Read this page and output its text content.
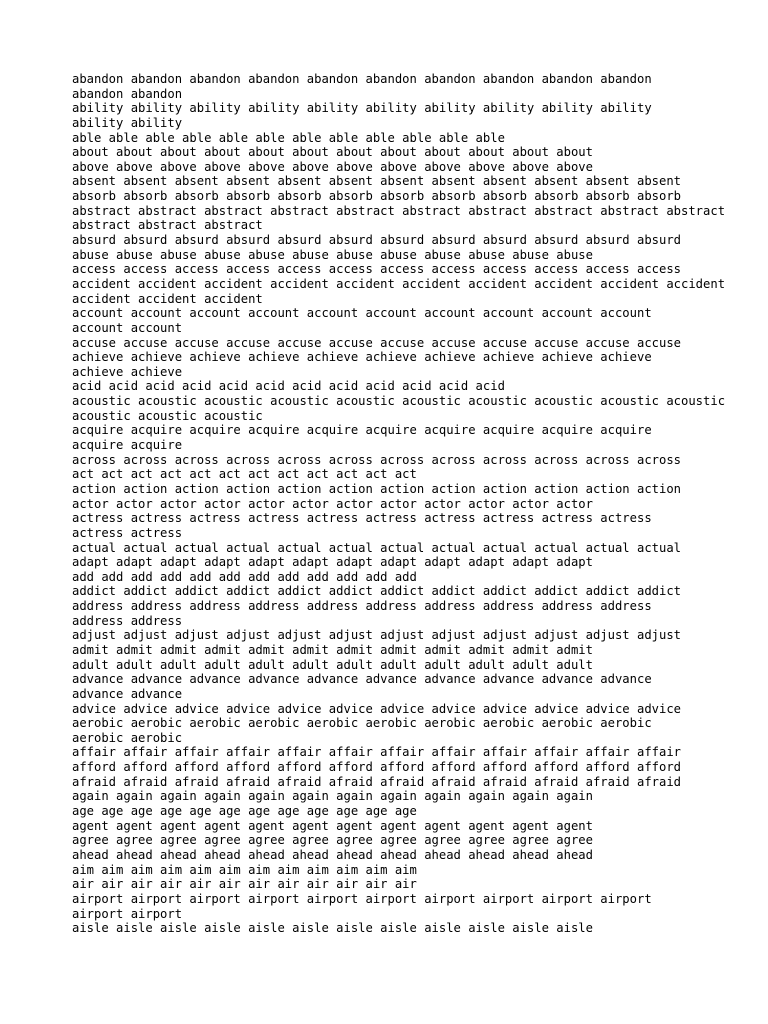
abandon abandon abandon abandon abandon abandon abandon abandon abandon abandon
abandon abandon
ability ability ability ability ability ability ability ability ability ability
ability ability
able able able able able able able able able able able able
about about about about about about about about about about about about
above above above above above above above above above above above above
absent absent absent absent absent absent absent absent absent absent absent absent
absorb absorb absorb absorb absorb absorb absorb absorb absorb absorb absorb absorb
abstract abstract abstract abstract abstract abstract abstract abstract abstract abstract
abstract abstract abstract
absurd absurd absurd absurd absurd absurd absurd absurd absurd absurd absurd absurd
abuse abuse abuse abuse abuse abuse abuse abuse abuse abuse abuse abuse
access access access access access access access access access access access access
accident accident accident accident accident accident accident accident accident accident
accident accident accident
account account account account account account account account account account
account account
accuse accuse accuse accuse accuse accuse accuse accuse accuse accuse accuse accuse
achieve achieve achieve achieve achieve achieve achieve achieve achieve achieve
achieve achieve
acid acid acid acid acid acid acid acid acid acid acid acid
acoustic acoustic acoustic acoustic acoustic acoustic acoustic acoustic acoustic acoustic
acoustic acoustic acoustic
acquire acquire acquire acquire acquire acquire acquire acquire acquire acquire
acquire acquire
across across across across across across across across across across across across
act act act act act act act act act act act act
action action action action action action action action action action action action
actor actor actor actor actor actor actor actor actor actor actor actor
actress actress actress actress actress actress actress actress actress actress
actress actress
actual actual actual actual actual actual actual actual actual actual actual actual
adapt adapt adapt adapt adapt adapt adapt adapt adapt adapt adapt adapt
add add add add add add add add add add add add
addict addict addict addict addict addict addict addict addict addict addict addict
address address address address address address address address address address
address address
adjust adjust adjust adjust adjust adjust adjust adjust adjust adjust adjust adjust
admit admit admit admit admit admit admit admit admit admit admit admit
adult adult adult adult adult adult adult adult adult adult adult adult
advance advance advance advance advance advance advance advance advance advance
advance advance
advice advice advice advice advice advice advice advice advice advice advice advice
aerobic aerobic aerobic aerobic aerobic aerobic aerobic aerobic aerobic aerobic
aerobic aerobic
affair affair affair affair affair affair affair affair affair affair affair affair
afford afford afford afford afford afford afford afford afford afford afford afford
afraid afraid afraid afraid afraid afraid afraid afraid afraid afraid afraid afraid
again again again again again again again again again again again again
age age age age age age age age age age age age
agent agent agent agent agent agent agent agent agent agent agent agent
agree agree agree agree agree agree agree agree agree agree agree agree
ahead ahead ahead ahead ahead ahead ahead ahead ahead ahead ahead ahead
aim aim aim aim aim aim aim aim aim aim aim aim
air air air air air air air air air air air air
airport airport airport airport airport airport airport airport airport airport
airport airport
aisle aisle aisle aisle aisle aisle aisle aisle aisle aisle aisle aisle
